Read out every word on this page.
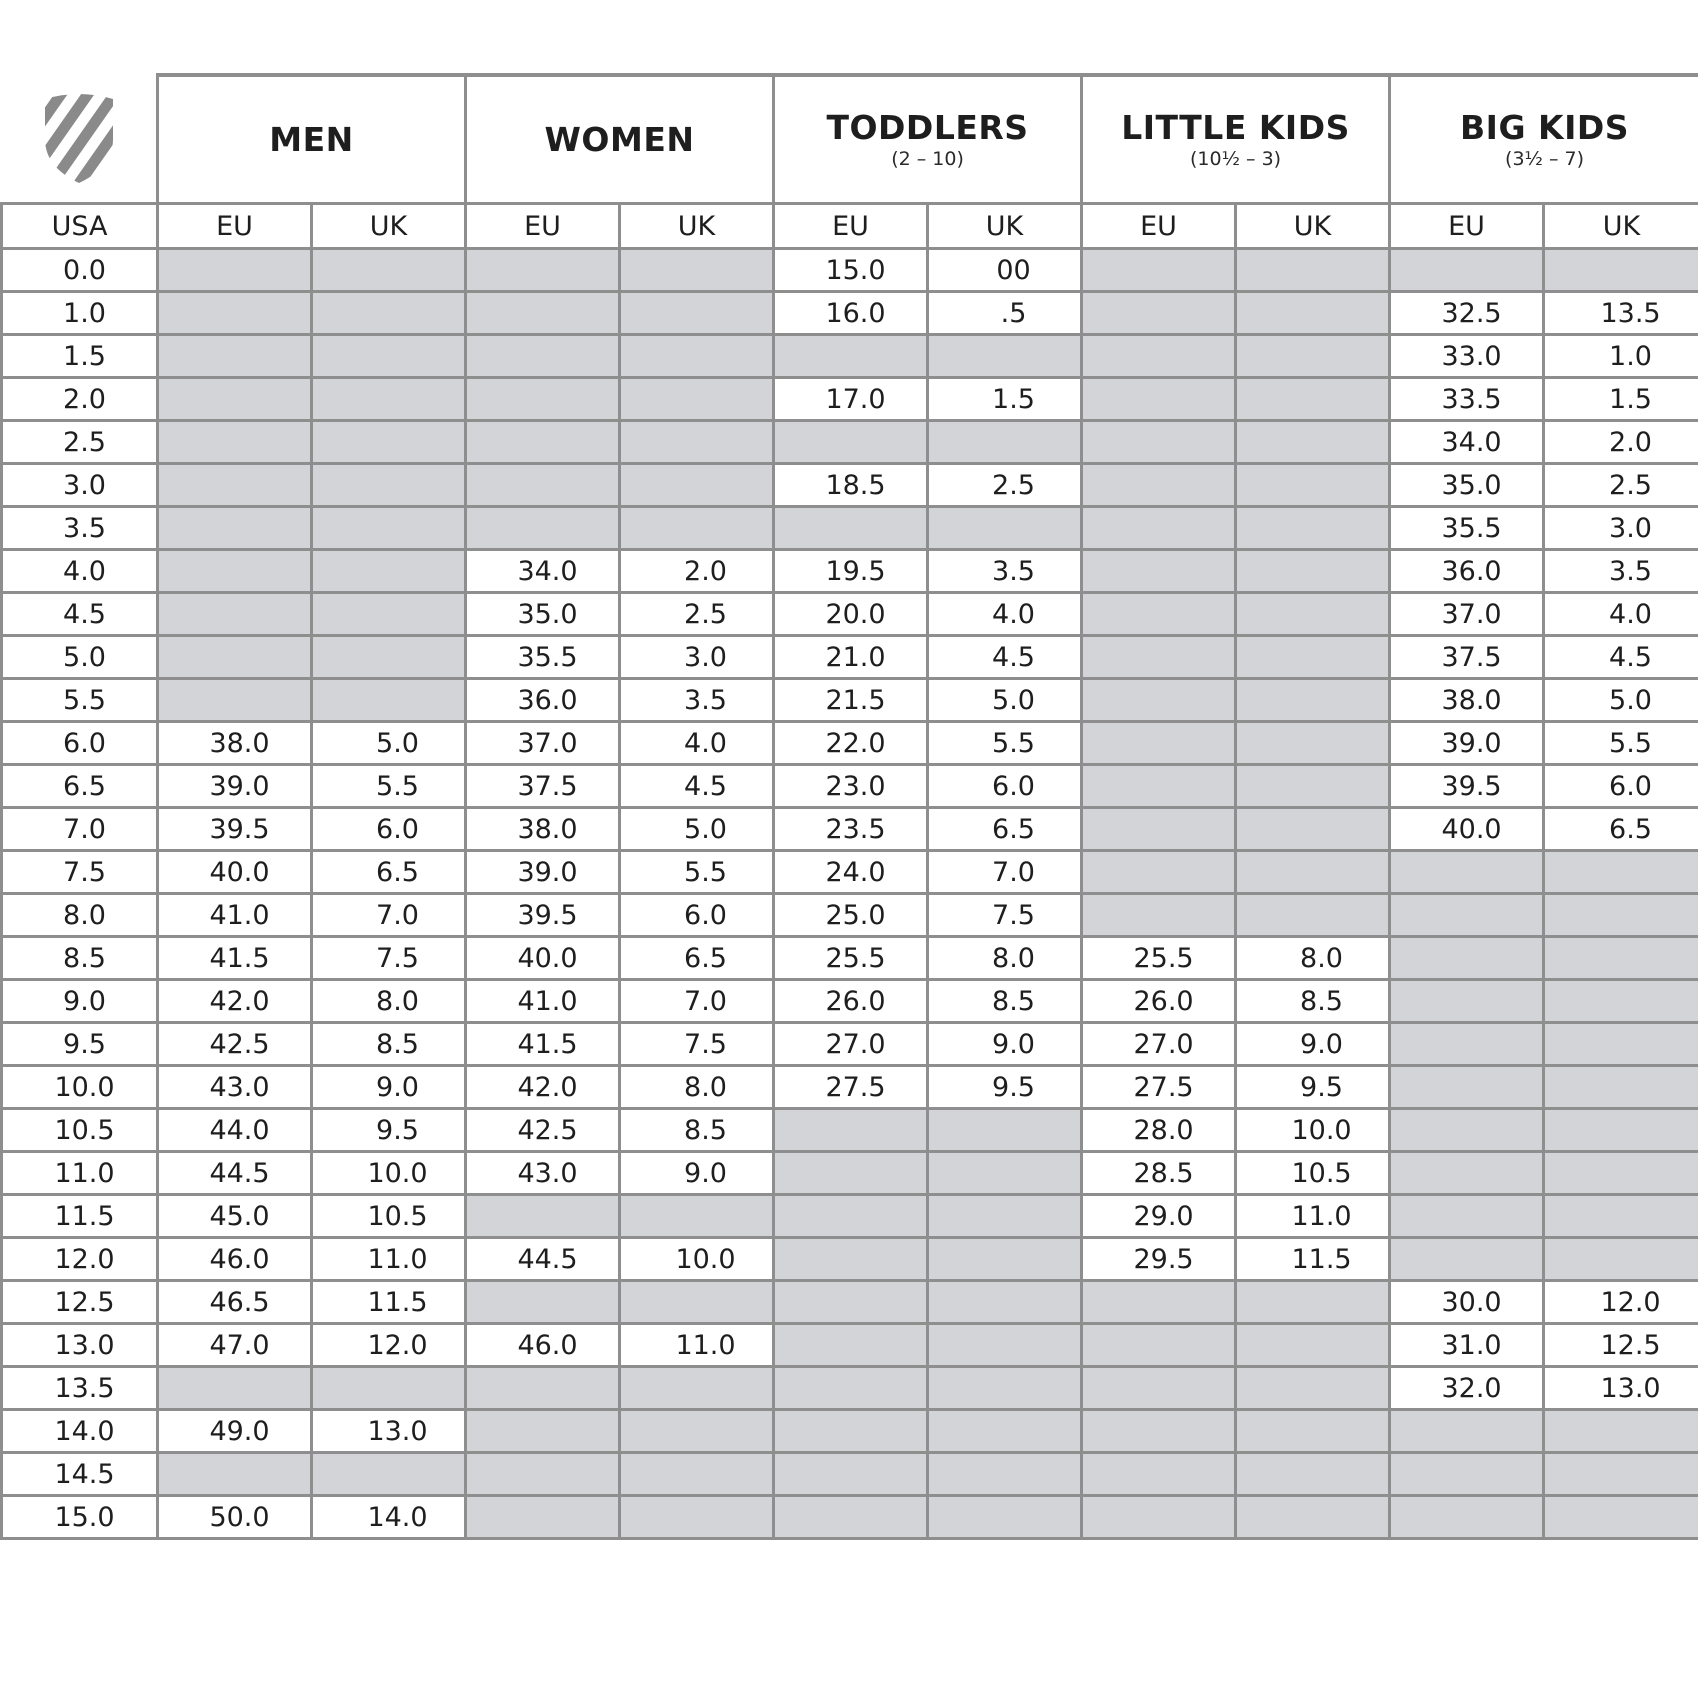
MEN		WOMEN		TODDLERS
(2 – 10)		LITTLE KIDS
(10½ – 3)		BIG KIDS
(3½ – 7)	

USA	EU	UK	EU	UK	EU	UK	EU	UK	EU	UK
0.0					15.0	00				
1.0					16.0	.5			32.5	13.5
1.5									33.0	1.0
2.0					17.0	1.5			33.5	1.5
2.5									34.0	2.0
3.0					18.5	2.5			35.0	2.5
3.5									35.5	3.0
4.0			34.0	2.0	19.5	3.5			36.0	3.5
4.5			35.0	2.5	20.0	4.0			37.0	4.0
5.0			35.5	3.0	21.0	4.5			37.5	4.5
5.5			36.0	3.5	21.5	5.0			38.0	5.0
6.0	38.0	5.0	37.0	4.0	22.0	5.5			39.0	5.5
6.5	39.0	5.5	37.5	4.5	23.0	6.0			39.5	6.0
7.0	39.5	6.0	38.0	5.0	23.5	6.5			40.0	6.5
7.5	40.0	6.5	39.0	5.5	24.0	7.0				
8.0	41.0	7.0	39.5	6.0	25.0	7.5				
8.5	41.5	7.5	40.0	6.5	25.5	8.0	25.5	8.0		
9.0	42.0	8.0	41.0	7.0	26.0	8.5	26.0	8.5		
9.5	42.5	8.5	41.5	7.5	27.0	9.0	27.0	9.0		
10.0	43.0	9.0	42.0	8.0	27.5	9.5	27.5	9.5		
10.5	44.0	9.5	42.5	8.5			28.0	10.0		
11.0	44.5	10.0	43.0	9.0			28.5	10.5		
11.5	45.0	10.5					29.0	11.0		
12.0	46.0	11.0	44.5	10.0			29.5	11.5		
12.5	46.5	11.5							30.0	12.0
13.0	47.0	12.0	46.0	11.0					31.0	12.5
13.5									32.0	13.0
14.0	49.0	13.0								
14.5										
15.0	50.0	14.0								
